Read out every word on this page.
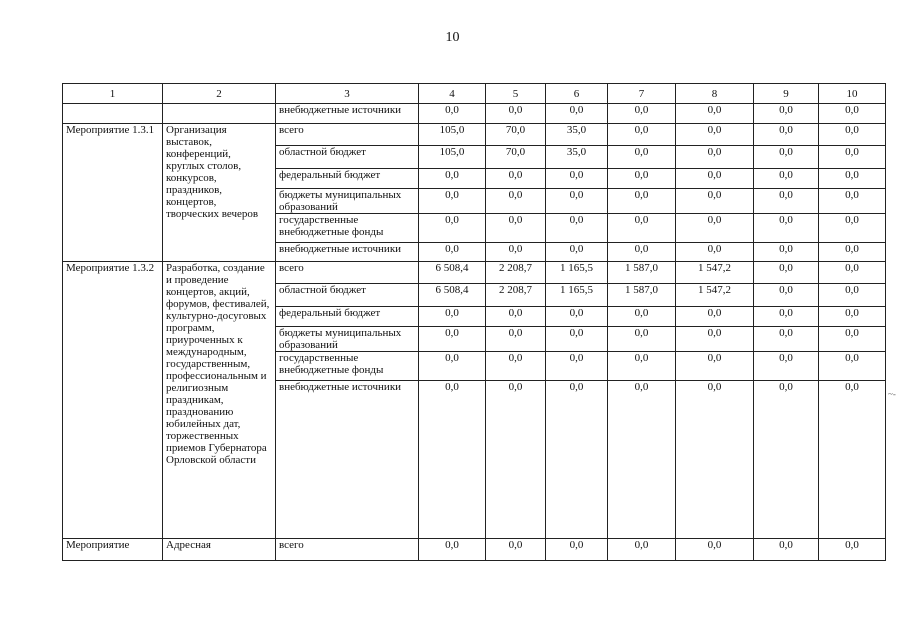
10
1	2	3	4	5	6	7	8	9	10
		внебюджетные источники	0,0	0,0	0,0	0,0	0,0	0,0	0,0
Мероприятие 1.3.1	Организация выставок, конференций, круглых столов, конкурсов, праздников, концертов, творческих вечеров	всего	105,0	70,0	35,0	0,0	0,0	0,0	0,0
		областной бюджет	105,0	70,0	35,0	0,0	0,0	0,0	0,0
		федеральный бюджет	0,0	0,0	0,0	0,0	0,0	0,0	0,0
		бюджеты муниципальных образований	0,0	0,0	0,0	0,0	0,0	0,0	0,0
		государственные внебюджетные фонды	0,0	0,0	0,0	0,0	0,0	0,0	0,0
		внебюджетные источники	0,0	0,0	0,0	0,0	0,0	0,0	0,0
Мероприятие 1.3.2	Разработка, создание и проведение концертов, акций, форумов, фестивалей, культурно-досуговых программ, приуроченных к международным, государственным, профессиональным и религиозным праздникам, празднованию юбилейных дат, торжественных приемов Губернатора Орловской области	всего	6 508,4	2 208,7	1 165,5	1 587,0	1 547,2	0,0	0,0
		областной бюджет	6 508,4	2 208,7	1 165,5	1 587,0	1 547,2	0,0	0,0
		федеральный бюджет	0,0	0,0	0,0	0,0	0,0	0,0	0,0
		бюджеты муниципальных образований	0,0	0,0	0,0	0,0	0,0	0,0	0,0
		государственные внебюджетные фонды	0,0	0,0	0,0	0,0	0,0	0,0	0,0
		внебюджетные источники	0,0	0,0	0,0	0,0	0,0	0,0	0,0
Мероприятие	Адресная	всего	0,0	0,0	0,0	0,0	0,0	0,0	0,0
~-
